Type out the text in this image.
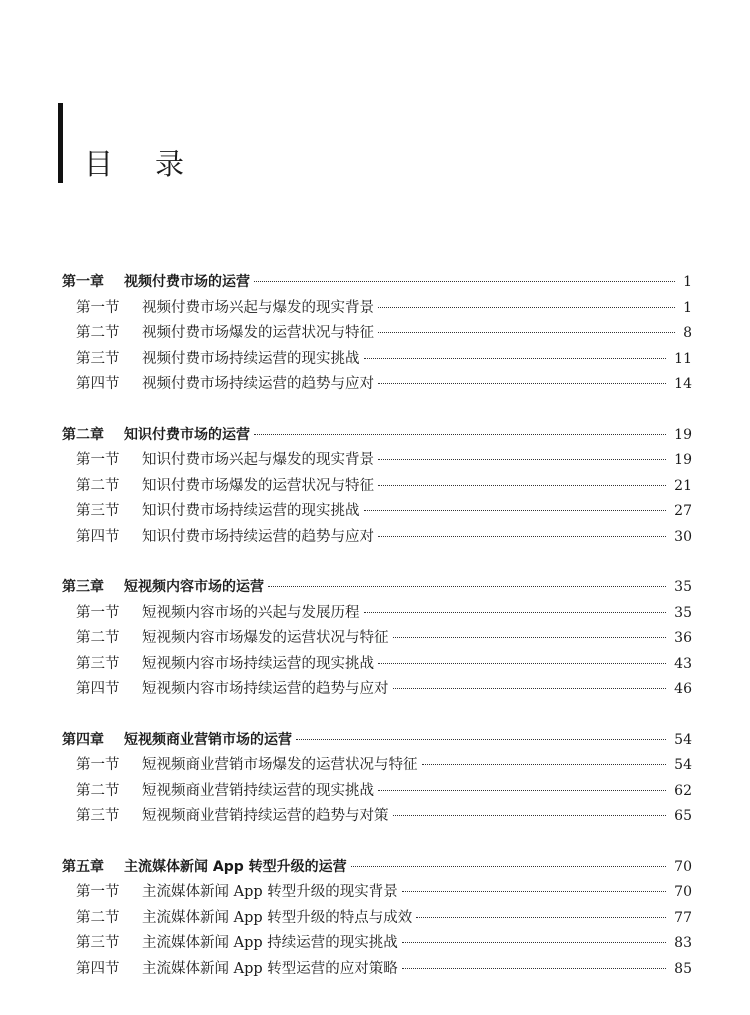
目录
第一章	视频付费市场的运营	1
第一节	视频付费市场兴起与爆发的现实背景	1
第二节	视频付费市场爆发的运营状况与特征	8
第三节	视频付费市场持续运营的现实挑战	11
第四节	视频付费市场持续运营的趋势与应对	14
第二章	知识付费市场的运营	19
第一节	知识付费市场兴起与爆发的现实背景	19
第二节	知识付费市场爆发的运营状况与特征	21
第三节	知识付费市场持续运营的现实挑战	27
第四节	知识付费市场持续运营的趋势与应对	30
第三章	短视频内容市场的运营	35
第一节	短视频内容市场的兴起与发展历程	35
第二节	短视频内容市场爆发的运营状况与特征	36
第三节	短视频内容市场持续运营的现实挑战	43
第四节	短视频内容市场持续运营的趋势与应对	46
第四章	短视频商业营销市场的运营	54
第一节	短视频商业营销市场爆发的运营状况与特征	54
第二节	短视频商业营销持续运营的现实挑战	62
第三节	短视频商业营销持续运营的趋势与对策	65
第五章	主流媒体新闻 App 转型升级的运营	70
第一节	主流媒体新闻 App 转型升级的现实背景	70
第二节	主流媒体新闻 App 转型升级的特点与成效	77
第三节	主流媒体新闻 App 持续运营的现实挑战	83
第四节	主流媒体新闻 App 转型运营的应对策略	85
